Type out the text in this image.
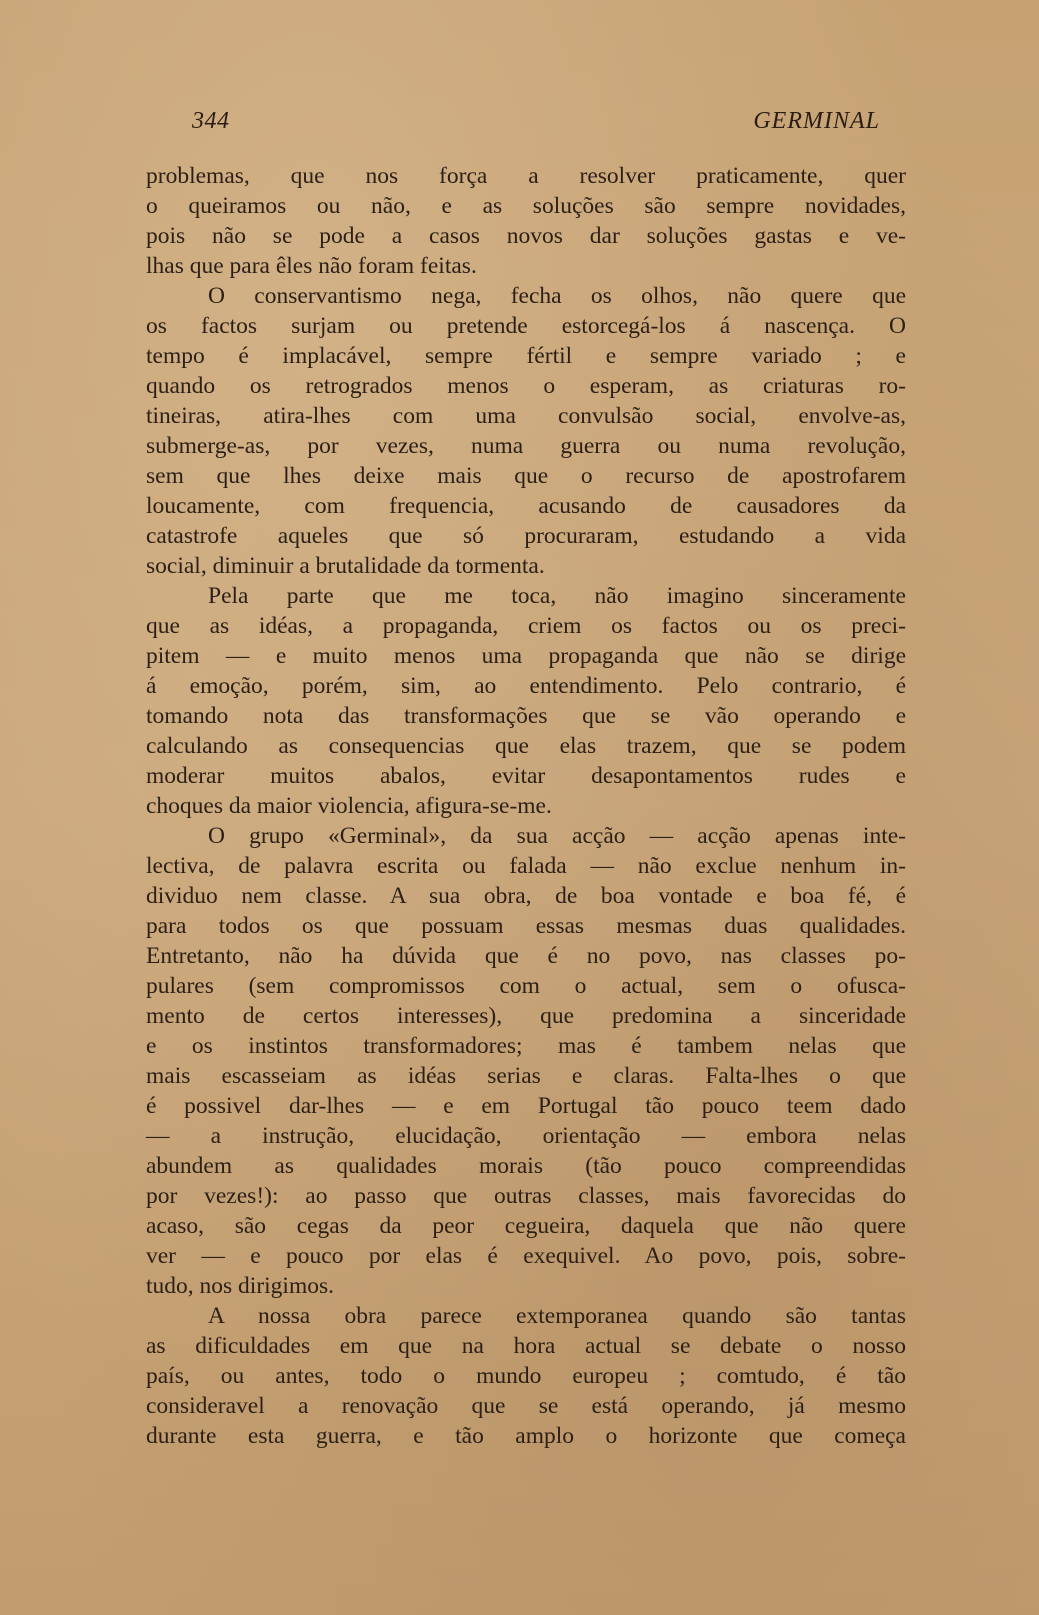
344	GERMINAL
problemas, que nos força a resolver praticamente, quer
o queiramos ou não, e as soluções são sempre novidades,
pois não se pode a casos novos dar soluções gastas e ve-
lhas que para êles não foram feitas.
O conservantismo nega, fecha os olhos, não quere que
os factos surjam ou pretende estorcegá-los á nascença. O
tempo é implacável, sempre fértil e sempre variado ; e
quando os retrogrados menos o esperam, as criaturas ro-
tineiras, atira-lhes com uma convulsão social, envolve-as,
submerge-as, por vezes, numa guerra ou numa revolução,
sem que lhes deixe mais que o recurso de apostrofarem
loucamente, com frequencia, acusando de causadores da
catastrofe aqueles que só procuraram, estudando a vida
social, diminuir a brutalidade da tormenta.
Pela parte que me toca, não imagino sinceramente
que as idéas, a propaganda, criem os factos ou os preci-
pitem — e muito menos uma propaganda que não se dirige
á emoção, porém, sim, ao entendimento. Pelo contrario, é
tomando nota das transformações que se vão operando e
calculando as consequencias que elas trazem, que se podem
moderar muitos abalos, evitar desapontamentos rudes e
choques da maior violencia, afigura-se-me.
O grupo «Germinal», da sua acção — acção apenas inte-
lectiva, de palavra escrita ou falada — não exclue nenhum in-
dividuo nem classe. A sua obra, de boa vontade e boa fé, é
para todos os que possuam essas mesmas duas qualidades.
Entretanto, não ha dúvida que é no povo, nas classes po-
pulares (sem compromissos com o actual, sem o ofusca-
mento de certos interesses), que predomina a sinceridade
e os instintos transformadores; mas é tambem nelas que
mais escasseiam as idéas serias e claras. Falta-lhes o que
é possivel dar-lhes — e em Portugal tão pouco teem dado
— a instrução, elucidação, orientação — embora nelas
abundem as qualidades morais (tão pouco compreendidas
por vezes!): ao passo que outras classes, mais favorecidas do
acaso, são cegas da peor cegueira, daquela que não quere
ver — e pouco por elas é exequivel. Ao povo, pois, sobre-
tudo, nos dirigimos.
A nossa obra parece extemporanea quando são tantas
as dificuldades em que na hora actual se debate o nosso
país, ou antes, todo o mundo europeu ; comtudo, é tão
consideravel a renovação que se está operando, já mesmo
durante esta guerra, e tão amplo o horizonte que começa
